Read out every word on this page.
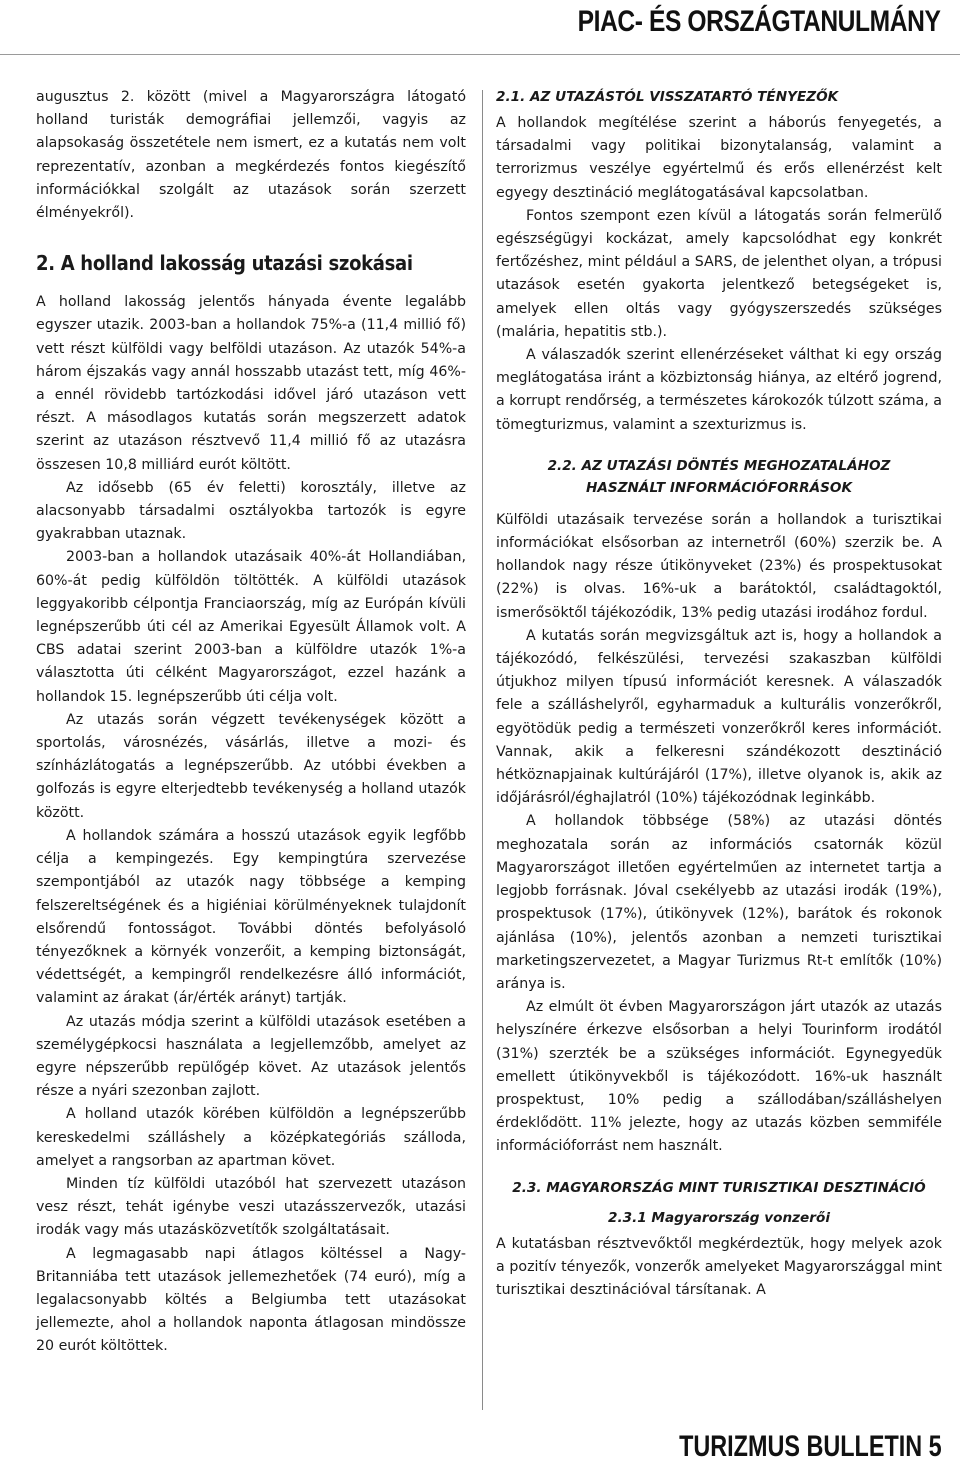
PIAC- ÉS ORSZÁGTANULMÁNY

augusztus 2. között (mivel a Magyarországra látogató holland turisták demográfiai jellemzői, vagyis az alapsokaság összetétele nem ismert, ez a kutatás nem volt reprezentatív, azonban a megkérdezés fontos kiegészítő információkkal szolgált az utazások során szerzett élményekről).

2. A holland lakosság utazási szokásai

A holland lakosság jelentős hányada évente legalább egyszer utazik. 2003-ban a hollandok 75%-a (11,4 millió fő) vett részt külföldi vagy belföldi utazáson. Az utazók 54%-a három éjszakás vagy annál hosszabb utazást tett, míg 46%-a ennél rövidebb tartózkodási idővel járó utazáson vett részt. A másodlagos kutatás során megszerzett adatok szerint az utazáson résztvevő 11,4 millió fő az utazásra összesen 10,8 milliárd eurót költött.

Az idősebb (65 év feletti) korosztály, illetve az alacsonyabb társadalmi osztályokba tartozók is egyre gyakrabban utaznak.

2003-ban a hollandok utazásaik 40%-át Hollandiában, 60%-át pedig külföldön töltötték. A külföldi utazások leggyakoribb célpontja Franciaország, míg az Európán kívüli legnépszerűbb úti cél az Amerikai Egyesült Államok volt. A CBS adatai szerint 2003-ban a külföldre utazók 1%-a választotta úti célként Magyarországot, ezzel hazánk a hollandok 15. legnépszerűbb úti célja volt.

Az utazás során végzett tevékenységek között a sportolás, városnézés, vásárlás, illetve a mozi- és színházlátogatás a legnépszerűbb. Az utóbbi években a golfozás is egyre elterjedtebb tevékenység a holland utazók között.

A hollandok számára a hosszú utazások egyik legfőbb célja a kempingezés. Egy kempingtúra szervezése szempontjából az utazók nagy többsége a kemping felszereltségének és a higiéniai körülményeknek tulajdonít elsőrendű fontosságot. További döntés befolyásoló tényezőknek a környék vonzerőit, a kemping biztonságát, védettségét, a kempingről rendelkezésre álló információt, valamint az árakat (ár/érték arányt) tartják.

Az utazás módja szerint a külföldi utazások esetében a személygépkocsi használata a legjellemzőbb, amelyet az egyre népszerűbb repülőgép követ. Az utazások jelentős része a nyári szezonban zajlott.

A holland utazók körében külföldön a legnépszerűbb kereskedelmi szálláshely a középkategóriás szálloda, amelyet a rangsorban az apartman követ.

Minden tíz külföldi utazóból hat szervezett utazáson vesz részt, tehát igénybe veszi utazásszervezők, utazási irodák vagy más utazásközvetítők szolgáltatásait.

A legmagasabb napi átlagos költéssel a Nagy-Britanniába tett utazások jellemezhetőek (74 euró), míg a legalacsonyabb költés a Belgiumba tett utazásokat jellemezte, ahol a hollandok naponta átlagosan mindössze 20 eurót költöttek.

2.1. AZ UTAZÁSTÓL VISSZATARTÓ TÉNYEZŐK

A hollandok megítélése szerint a háborús fenyegetés, a társadalmi vagy politikai bizonytalanság, valamint a terrorizmus veszélye egyértelmű és erős ellenérzést kelt egyegy desztináció meglátogatásával kapcsolatban.

Fontos szempont ezen kívül a látogatás során felmerülő egészségügyi kockázat, amely kapcsolódhat egy konkrét fertőzéshez, mint például a SARS, de jelenthet olyan, a trópusi utazások esetén gyakorta jelentkező betegségeket is, amelyek ellen oltás vagy gyógyszerszedés szükséges (malária, hepatitis stb.).

A válaszadók szerint ellenérzéseket válthat ki egy ország meglátogatása iránt a közbiztonság hiánya, az eltérő jogrend, a korrupt rendőrség, a természetes károkozók túlzott száma, a tömegturizmus, valamint a szexturizmus is.

2.2. AZ UTAZÁSI DÖNTÉS MEGHOZATALÁHOZ
HASZNÁLT INFORMÁCIÓFORRÁSOK

Külföldi utazásaik tervezése során a hollandok a turisztikai információkat elsősorban az internetről (60%) szerzik be. A hollandok nagy része útikönyveket (23%) és prospektusokat (22%) is olvas. 16%-uk a barátoktól, családtagoktól, ismerősöktől tájékozódik, 13% pedig utazási irodához fordul.

A kutatás során megvizsgáltuk azt is, hogy a hollandok a tájékozódó, felkészülési, tervezési szakaszban külföldi útjukhoz milyen típusú információt keresnek. A válaszadók fele a szálláshelyről, egyharmaduk a kulturális vonzerőkről, egyötödük pedig a természeti vonzerőkről keres információt. Vannak, akik a felkeresni szándékozott desztináció hétköznapjainak kultúrájáról (17%), illetve olyanok is, akik az időjárásról/éghajlatról (10%) tájékozódnak leginkább.

A hollandok többsége (58%) az utazási döntés meghozatala során az információs csatornák közül Magyarországot illetően egyértelműen az internetet tartja a legjobb forrásnak. Jóval csekélyebb az utazási irodák (19%), prospektusok (17%), útikönyvek (12%), barátok és rokonok ajánlása (10%), jelentős azonban a nemzeti turisztikai marketingszervezetet, a Magyar Turizmus Rt-t említők (10%) aránya is.

Az elmúlt öt évben Magyarországon járt utazók az utazás helyszínére érkezve elsősorban a helyi Tourinform irodától (31%) szerzték be a szükséges információt. Egynegyedük emellett útikönyvekből is tájékozódott. 16%-uk használt prospektust, 10% pedig a szállodában/szálláshelyen érdeklődött. 11% jelezte, hogy az utazás közben semmiféle információforrást nem használt.

2.3. MAGYARORSZÁG MINT TURISZTIKAI DESZTINÁCIÓ
2.3.1 Magyarország vonzerői

A kutatásban résztvevőktől megkérdeztük, hogy melyek azok a pozitív tényezők, vonzerők amelyeket Magyarországgal mint turisztikai desztinációval társítanak. A

TURIZMUS BULLETIN 5
